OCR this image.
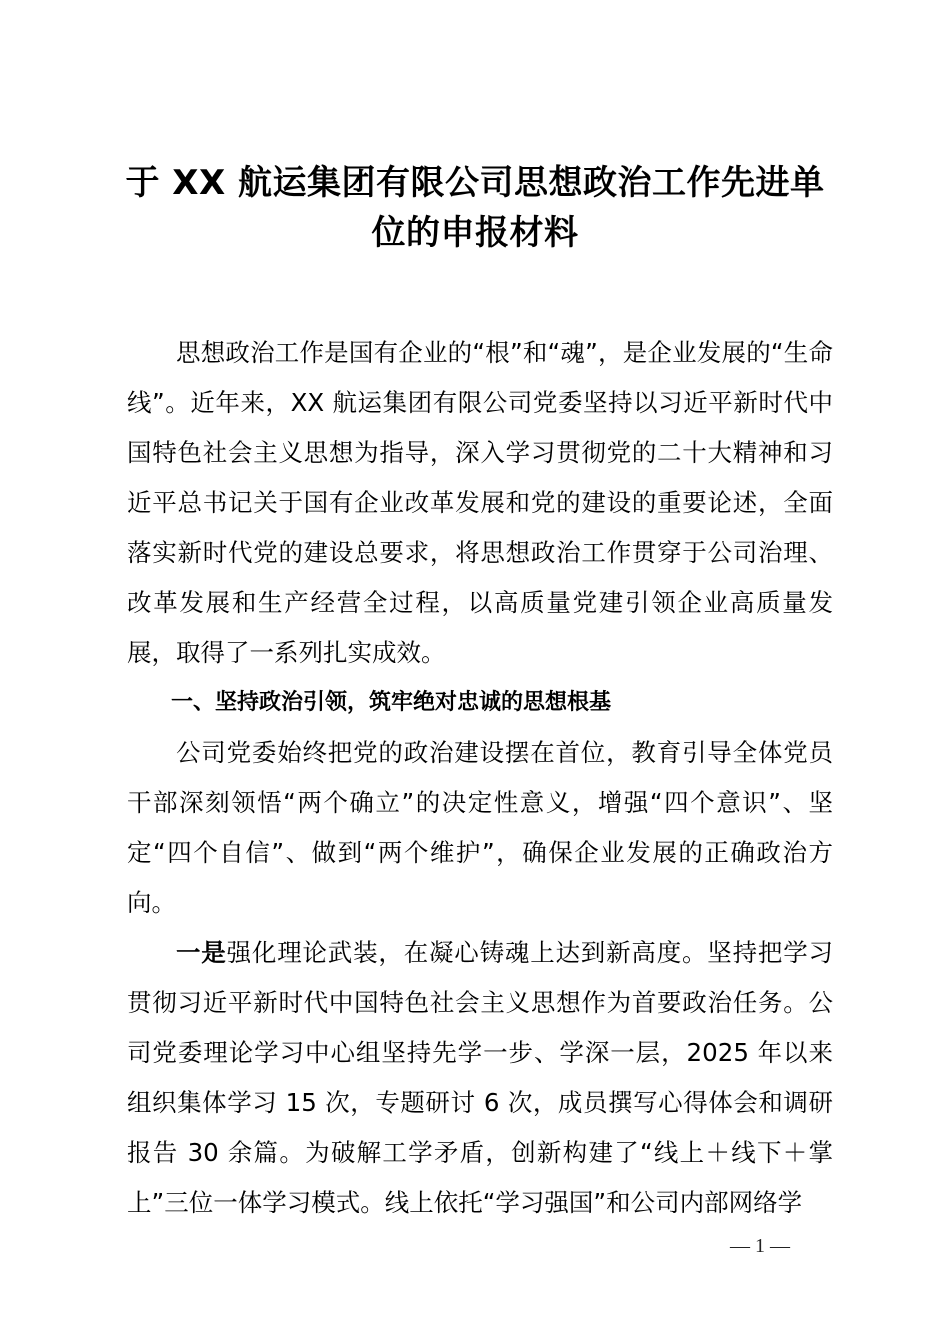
于 XX 航运集团有限公司思想政治工作先进单
位的申报材料

思想政治工作是国有企业的“根”和“魂”，是企业发展的“生命线”。近年来，XX 航运集团有限公司党委坚持以习近平新时代中国特色社会主义思想为指导，深入学习贯彻党的二十大精神和习近平总书记关于国有企业改革发展和党的建设的重要论述，全面落实新时代党的建设总要求，将思想政治工作贯穿于公司治理、改革发展和生产经营全过程，以高质量党建引领企业高质量发展，取得了一系列扎实成效。

一、坚持政治引领，筑牢绝对忠诚的思想根基

公司党委始终把党的政治建设摆在首位，教育引导全体党员干部深刻领悟“两个确立”的决定性意义，增强“四个意识”、坚定“四个自信”、做到“两个维护”，确保企业发展的正确政治方向。

一是强化理论武装，在凝心铸魂上达到新高度。坚持把学习贯彻习近平新时代中国特色社会主义思想作为首要政治任务。公司党委理论学习中心组坚持先学一步、学深一层，2025 年以来组织集体学习 15 次，专题研讨 6 次，成员撰写心得体会和调研报告 30 余篇。为破解工学矛盾，创新构建了“线上＋线下＋掌上”三位一体学习模式。线上依托“学习强国”和公司内部网络学

— 1 —
